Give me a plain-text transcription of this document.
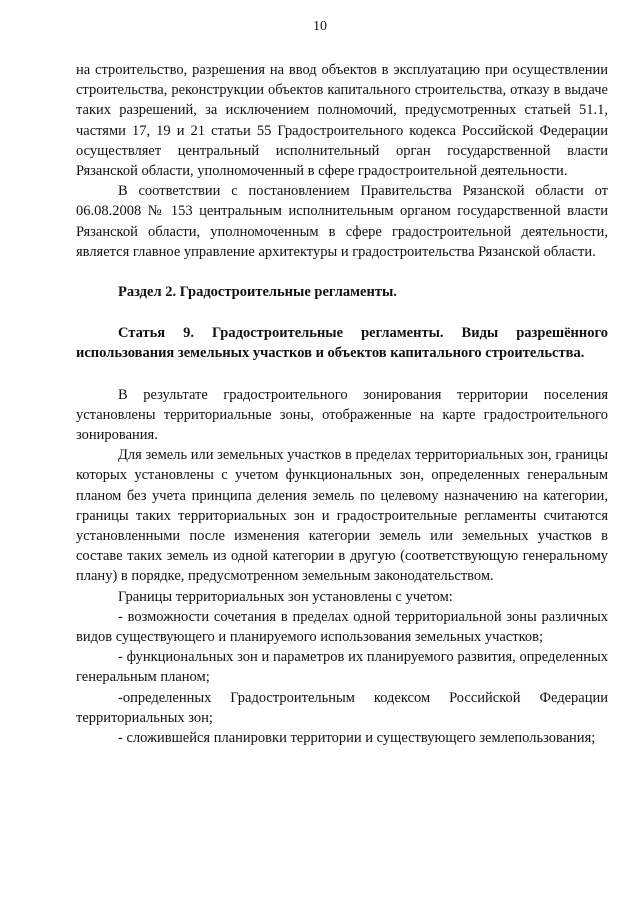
10

на строительство, разрешения на ввод объектов в эксплуатацию при осуществлении строительства, реконструкции объектов капитального строительства, отказу в выдаче таких разрешений, за исключением полномочий, предусмотренных статьей 51.1, частями 17, 19 и 21 статьи 55 Градостроительного кодекса Российской Федерации осуществляет центральный исполнительный орган государственной власти Рязанской области, уполномоченный в сфере градостроительной деятельности.

В соответствии с постановлением Правительства Рязанской области от 06.08.2008 № 153 центральным исполнительным органом государственной власти Рязанской области, уполномоченным в сфере градостроительной деятельности, является главное управление архитектуры и градостроительства Рязанской области.

Раздел 2. Градостроительные регламенты.

Статья 9. Градостроительные регламенты. Виды разрешённого использования земельных участков и объектов капитального строительства.

В результате градостроительного зонирования территории поселения установлены территориальные зоны, отображенные на карте градостроительного зонирования.

Для земель или земельных участков в пределах территориальных зон, границы которых установлены с учетом функциональных зон, определенных генеральным планом без учета принципа деления земель по целевому назначению на категории, границы таких территориальных зон и градостроительные регламенты считаются установленными после изменения категории земель или земельных участков в составе таких земель из одной категории в другую (соответствующую генеральному плану) в порядке, предусмотренном земельным законодательством.

Границы территориальных зон установлены с учетом:

- возможности сочетания в пределах одной территориальной зоны различных видов существующего и планируемого использования земельных участков;

- функциональных зон и параметров их планируемого развития, определенных генеральным планом;

-определенных Градостроительным кодексом Российской Федерации территориальных зон;

- сложившейся планировки территории и существующего землепользования;
